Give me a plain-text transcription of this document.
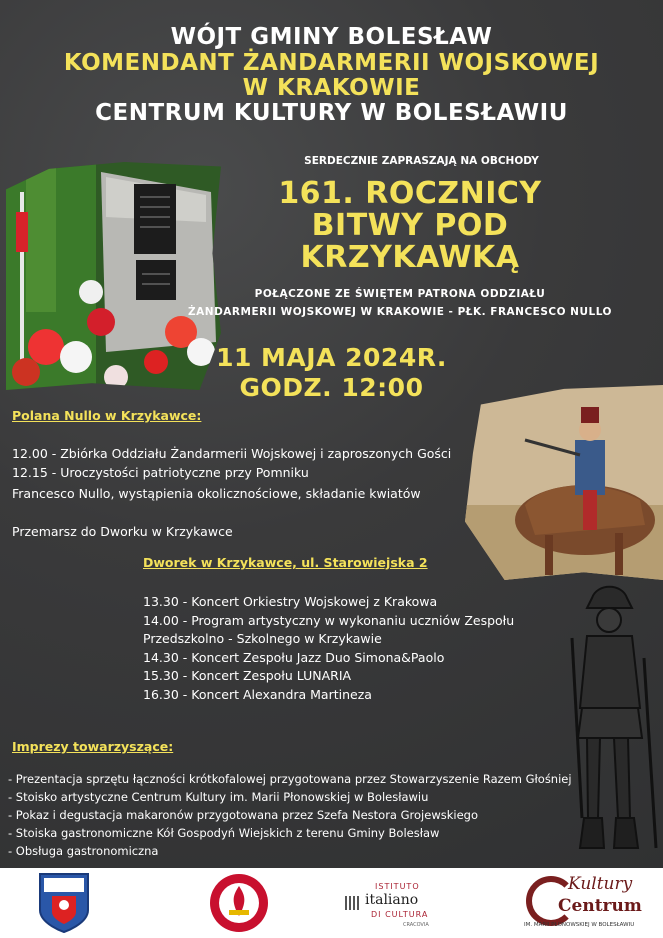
WÓJT GMINY BOLESŁAW
KOMENDANT ŻANDARMERII WOJSKOWEJ
W KRAKOWIE
CENTRUM KULTURY W BOLESŁAWIU
SERDECZNIE ZAPRASZAJĄ NA OBCHODY
161. ROCZNICY
BITWY POD
KRZYKAWKĄ
POŁĄCZONE ZE ŚWIĘTEM PATRONA ODDZIAŁU
ŻANDARMERII WOJSKOWEJ W KRAKOWIE - PŁK. FRANCESCO NULLO
11 MAJA 2024R.
GODZ. 12:00
Polana Nullo w Krzykawce:
12.00 - Zbiórka Oddziału Żandarmerii Wojskowej i zaproszonych Gości
12.15 - Uroczystości patriotyczne przy Pomniku
Francesco Nullo, wystąpienia okolicznościowe, składanie kwiatów
Przemarsz do Dworku w Krzykawce
Dworek w Krzykawce, ul. Starowiejska 2
13.30 - Koncert Orkiestry Wojskowej z Krakowa
14.00 - Program artystyczny w wykonaniu uczniów Zespołu
Przedszkolno - Szkolnego w Krzykawie
14.30 - Koncert Zespołu Jazz Duo Simona&Paolo
15.30 - Koncert Zespołu LUNARIA
16.30 - Koncert Alexandra Martineza
Imprezy towarzyszące:
- Prezentacja sprzętu łączności krótkofalowej przygotowana przez Stowarzyszenie Razem Głośniej
- Stoisko artystyczne Centrum Kultury im. Marii Płonowskiej w Bolesławiu
- Pokaz i degustacja makaronów przygotowana przez Szefa Nestora Grojewskiego
- Stoiska gastronomiczne Kół Gospodyń Wiejskich z terenu Gminy Bolesław
- Obsługa gastronomiczna
ISTITUTO
italiano
DI CULTURA
CRACOVIA
Kultury
Centrum
IM. MARII PŁONOWSKIEJ W BOLESŁAWIU
